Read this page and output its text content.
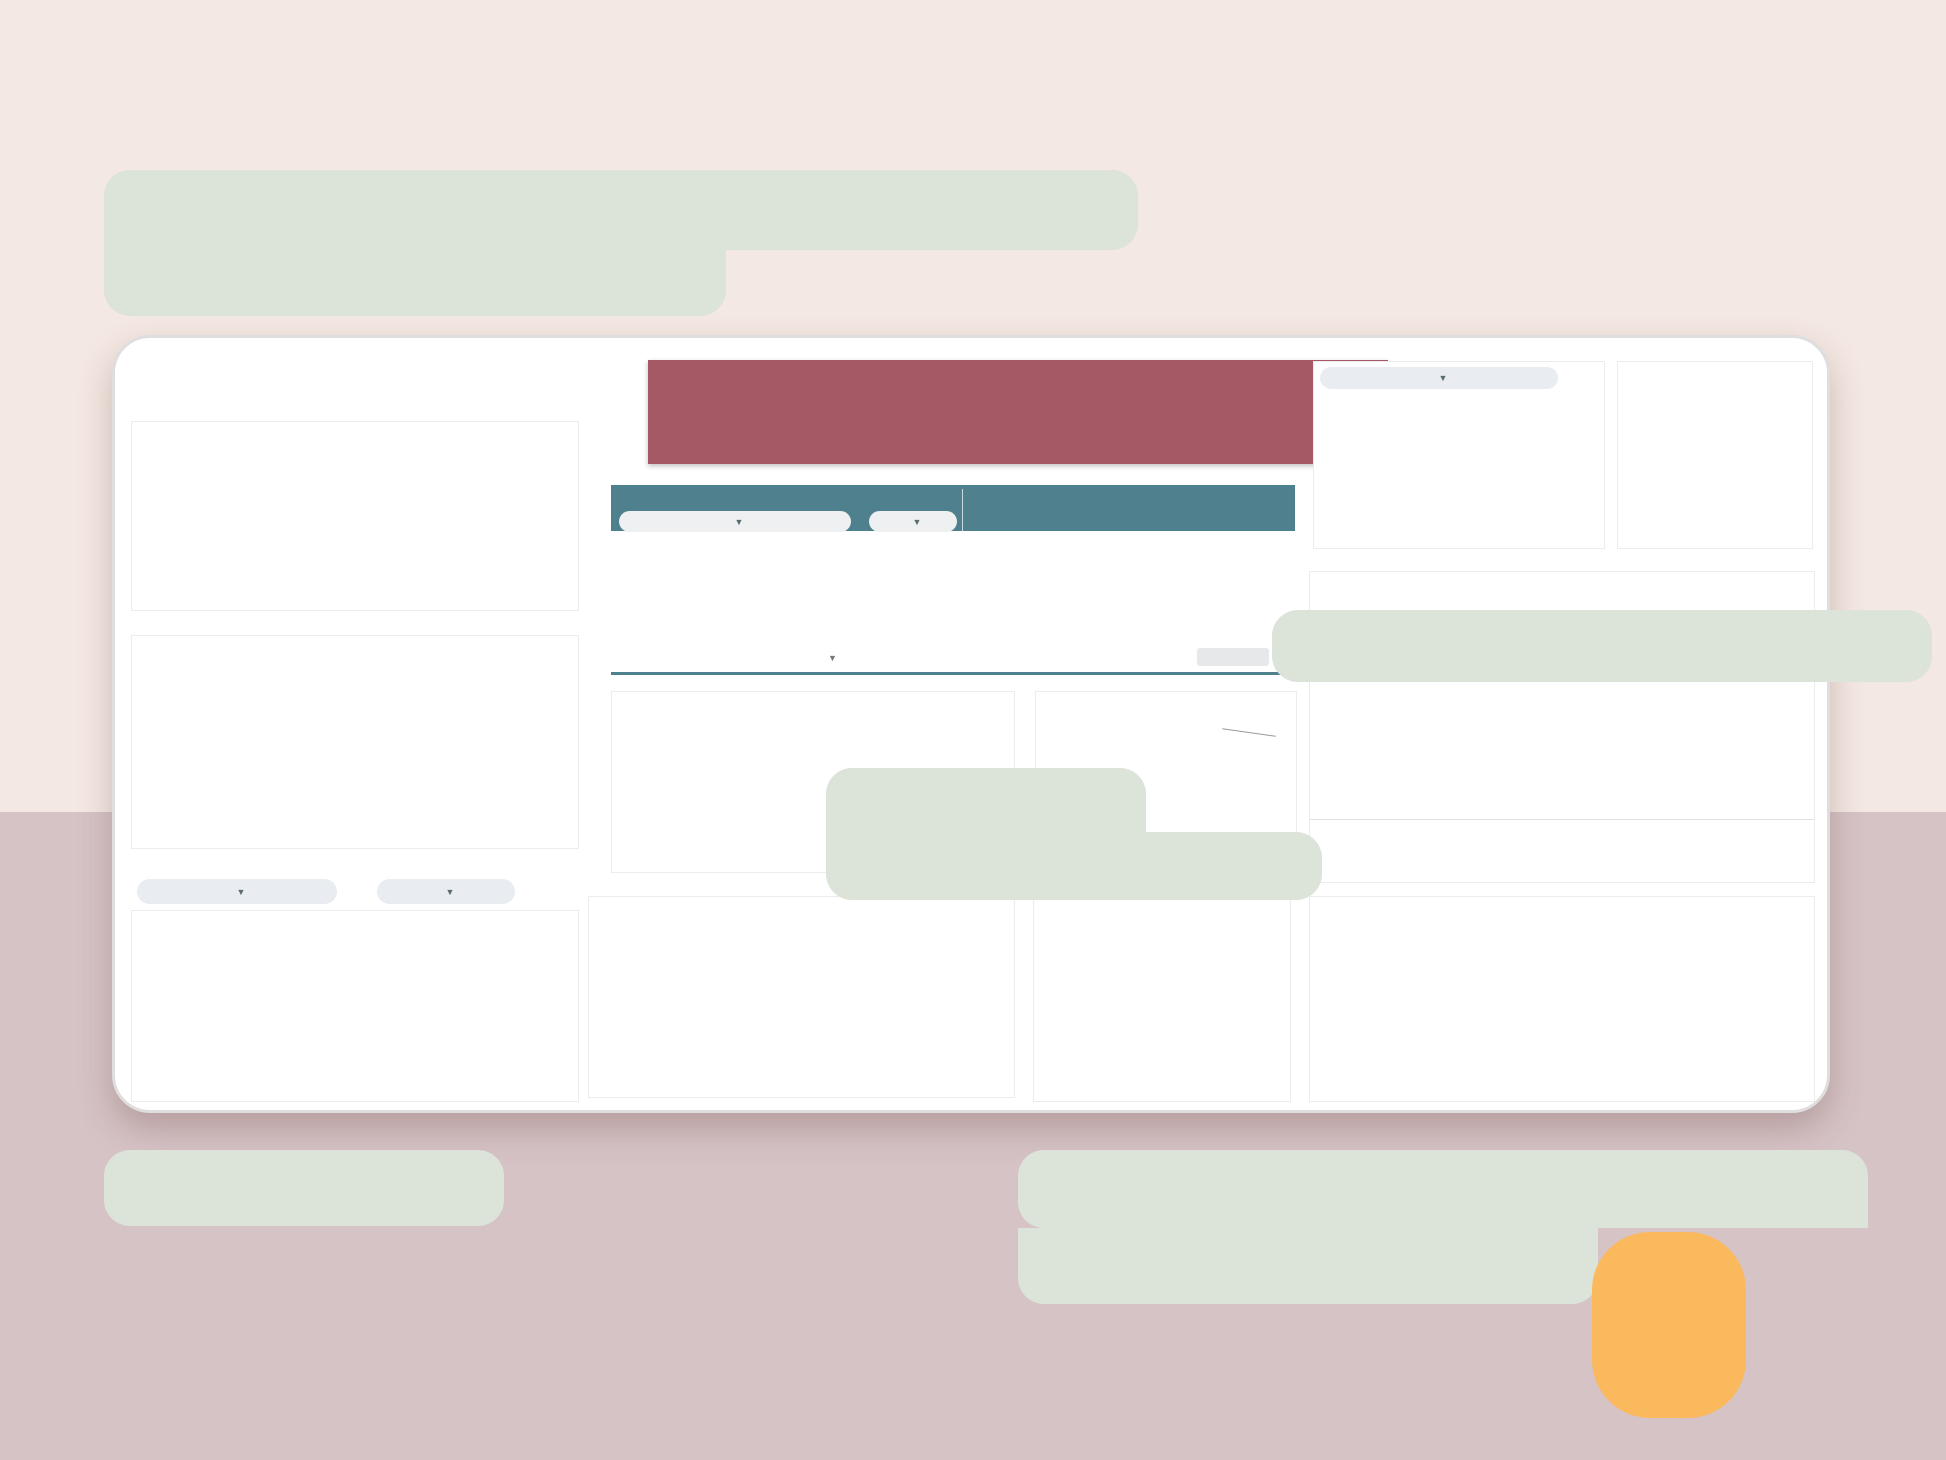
▼	▼
▼	▼
▼
▼
